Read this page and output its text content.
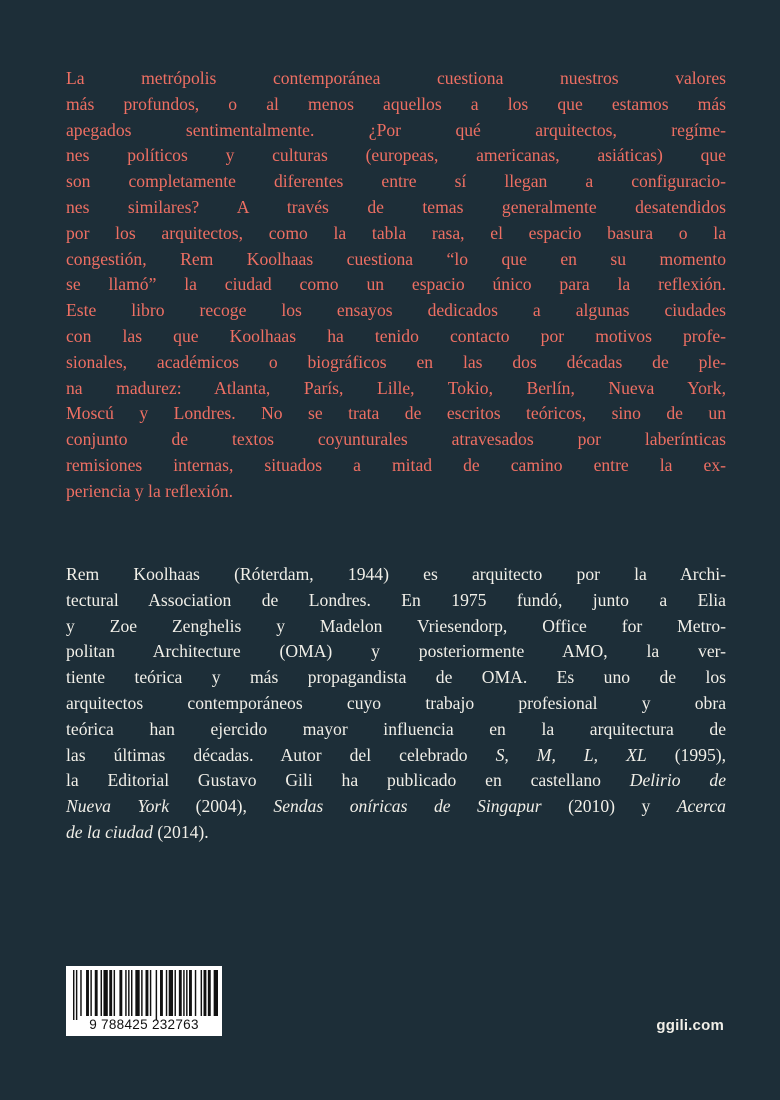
La metrópolis contemporánea cuestiona nuestros valores
más profundos, o al menos aquellos a los que estamos más
apegados sentimentalmente. ¿Por qué arquitectos, regíme-
nes políticos y culturas (europeas, americanas, asiáticas) que
son completamente diferentes entre sí llegan a configuracio-
nes similares? A través de temas generalmente desatendidos
por los arquitectos, como la tabla rasa, el espacio basura o la
congestión, Rem Koolhaas cuestiona “lo que en su momento
se llamó” la ciudad como un espacio único para la reflexión.
Este libro recoge los ensayos dedicados a algunas ciudades
con las que Koolhaas ha tenido contacto por motivos profe-
sionales, académicos o biográficos en las dos décadas de ple-
na madurez: Atlanta, París, Lille, Tokio, Berlín, Nueva York,
Moscú y Londres. No se trata de escritos teóricos, sino de un
conjunto de textos coyunturales atravesados por laberínticas
remisiones internas, situados a mitad de camino entre la ex-
periencia y la reflexión.

Rem Koolhaas (Róterdam, 1944) es arquitecto por la Archi-
tectural Association de Londres. En 1975 fundó, junto a Elia
y Zoe Zenghelis y Madelon Vriesendorp, Office for Metro-
politan Architecture (OMA) y posteriormente AMO, la ver-
tiente teórica y más propagandista de OMA. Es uno de los
arquitectos contemporáneos cuyo trabajo profesional y obra
teórica han ejercido mayor influencia en la arquitectura de
las últimas décadas. Autor del celebrado S, M, L, XL (1995),
la Editorial Gustavo Gili ha publicado en castellano Delirio de
Nueva York (2004), Sendas oníricas de Singapur (2010) y Acerca
de la ciudad (2014).

9 788425 232763	ggili.com
